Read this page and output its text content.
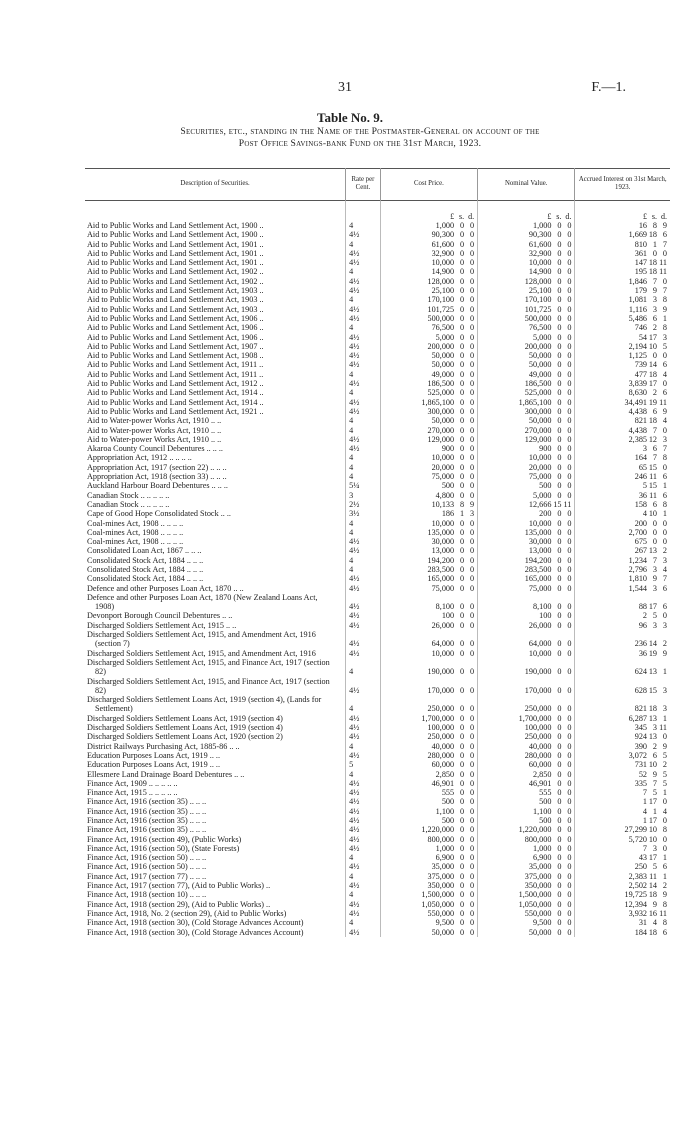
31	F.—1.
Table No. 9.
Securities, etc., standing in the Name of the Postmaster-General on account of the
Post Office Savings-bank Fund on the 31st March, 1923.
Description of Securities.	Rate per Cent.	Cost Price.	Nominal Value.	Accrued Interest on 31st March, 1923.
		£ s. d.	£ s. d.	£ s. d.

Aid to Public Works and Land Settlement Act, 1900 ..	4	1,000 0 0	1,000 0 0	16 8 9

Aid to Public Works and Land Settlement Act, 1900 ..	4½	90,300 0 0	90,300 0 0	1,669 18 6

Aid to Public Works and Land Settlement Act, 1901 ..	4	61,600 0 0	61,600 0 0	810 1 7

Aid to Public Works and Land Settlement Act, 1901 ..	4½	32,900 0 0	32,900 0 0	361 0 0

Aid to Public Works and Land Settlement Act, 1901 ..	4½	10,000 0 0	10,000 0 0	147 18 11

Aid to Public Works and Land Settlement Act, 1902 ..	4	14,900 0 0	14,900 0 0	195 18 11

Aid to Public Works and Land Settlement Act, 1902 ..	4½	128,000 0 0	128,000 0 0	1,846 7 0

Aid to Public Works and Land Settlement Act, 1903 ..	4½	25,100 0 0	25,100 0 0	179 9 7

Aid to Public Works and Land Settlement Act, 1903 ..	4	170,100 0 0	170,100 0 0	1,081 3 8

Aid to Public Works and Land Settlement Act, 1903 ..	4½	101,725 0 0	101,725 0 0	1,116 3 9

Aid to Public Works and Land Settlement Act, 1906 ..	4½	500,000 0 0	500,000 0 0	5,486 6 1

Aid to Public Works and Land Settlement Act, 1906 ..	4	76,500 0 0	76,500 0 0	746 2 8

Aid to Public Works and Land Settlement Act, 1906 ..	4½	5,000 0 0	5,000 0 0	54 17 3

Aid to Public Works and Land Settlement Act, 1907 ..	4½	200,000 0 0	200,000 0 0	2,194 10 5

Aid to Public Works and Land Settlement Act, 1908 ..	4½	50,000 0 0	50,000 0 0	1,125 0 0

Aid to Public Works and Land Settlement Act, 1911 ..	4½	50,000 0 0	50,000 0 0	739 14 6

Aid to Public Works and Land Settlement Act, 1911 ..	4	49,000 0 0	49,000 0 0	477 18 4

Aid to Public Works and Land Settlement Act, 1912 ..	4½	186,500 0 0	186,500 0 0	3,839 17 0

Aid to Public Works and Land Settlement Act, 1914 ..	4	525,000 0 0	525,000 0 0	8,630 2 6

Aid to Public Works and Land Settlement Act, 1914 ..	4½	1,865,100 0 0	1,865,100 0 0	34,491 19 11

Aid to Public Works and Land Settlement Act, 1921 ..	4½	300,000 0 0	300,000 0 0	4,438 6 9

Aid to Water-power Works Act, 1910 .. ..	4	50,000 0 0	50,000 0 0	821 18 4

Aid to Water-power Works Act, 1910 .. ..	4	270,000 0 0	270,000 0 0	4,438 7 0

Aid to Water-power Works Act, 1910 .. ..	4½	129,000 0 0	129,000 0 0	2,385 12 3

Akaroa County Council Debentures .. .. ..	4½	900 0 0	900 0 0	3 6 7

Appropriation Act, 1912 .. .. .. ..	4	10,000 0 0	10,000 0 0	164 7 8

Appropriation Act, 1917 (section 22) .. .. ..	4	20,000 0 0	20,000 0 0	65 15 0

Appropriation Act, 1918 (section 33) .. .. ..	4	75,000 0 0	75,000 0 0	246 11 6

Auckland Harbour Board Debentures .. .. ..	5¼	500 0 0	500 0 0	5 15 1

Canadian Stock .. .. .. .. ..	3	4,800 0 0	5,000 0 0	36 11 6

Canadian Stock .. .. .. .. ..	2½	10,133 8 9	12,666 15 11	158 6 8

Cape of Good Hope Consolidated Stock .. ..	3½	186 1 3	200 0 0	4 10 1

Coal-mines Act, 1908 .. .. .. ..	4	10,000 0 0	10,000 0 0	200 0 0

Coal-mines Act, 1908 .. .. .. ..	4	135,000 0 0	135,000 0 0	2,700 0 0

Coal-mines Act, 1908 .. .. .. ..	4½	30,000 0 0	30,000 0 0	675 0 0

Consolidated Loan Act, 1867 .. .. ..	4½	13,000 0 0	13,000 0 0	267 13 2

Consolidated Stock Act, 1884 .. .. ..	4	194,200 0 0	194,200 0 0	1,234 7 3

Consolidated Stock Act, 1884 .. .. ..	4	283,500 0 0	283,500 0 0	2,796 3 4

Consolidated Stock Act, 1884 .. .. ..	4½	165,000 0 0	165,000 0 0	1,810 9 7

Defence and other Purposes Loan Act, 1870 .. ..	4½	75,000 0 0	75,000 0 0	1,544 3 6

Defence and other Purposes Loan Act, 1870 (New Zealand Loans Act, 1908)	4½	8,100 0 0	8,100 0 0	88 17 6

Devonport Borough Council Debentures .. ..	4½	100 0 0	100 0 0	2 5 0

Discharged Soldiers Settlement Act, 1915 .. ..	4½	26,000 0 0	26,000 0 0	96 3 3

Discharged Soldiers Settlement Act, 1915, and Amendment Act, 1916 (section 7)	4½	64,000 0 0	64,000 0 0	236 14 2

Discharged Soldiers Settlement Act, 1915, and Amendment Act, 1916	4½	10,000 0 0	10,000 0 0	36 19 9

Discharged Soldiers Settlement Act, 1915, and Finance Act, 1917 (section 82)	4	190,000 0 0	190,000 0 0	624 13 1

Discharged Soldiers Settlement Act, 1915, and Finance Act, 1917 (section 82)	4½	170,000 0 0	170,000 0 0	628 15 3

Discharged Soldiers Settlement Loans Act, 1919 (section 4), (Lands for Settlement)	4	250,000 0 0	250,000 0 0	821 18 3

Discharged Soldiers Settlement Loans Act, 1919 (section 4)	4½	1,700,000 0 0	1,700,000 0 0	6,287 13 1

Discharged Soldiers Settlement Loans Act, 1919 (section 4)	4½	100,000 0 0	100,000 0 0	345 3 11

Discharged Soldiers Settlement Loans Act, 1920 (section 2)	4½	250,000 0 0	250,000 0 0	924 13 0

District Railways Purchasing Act, 1885-86 .. ..	4	40,000 0 0	40,000 0 0	390 2 9

Education Purposes Loans Act, 1919 .. ..	4½	280,000 0 0	280,000 0 0	3,072 6 5

Education Purposes Loans Act, 1919 .. ..	5	60,000 0 0	60,000 0 0	731 10 2

Ellesmere Land Drainage Board Debentures .. ..	4	2,850 0 0	2,850 0 0	52 9 5

Finance Act, 1909 .. .. .. .. ..	4½	46,901 0 0	46,901 0 0	335 7 5

Finance Act, 1915 .. .. .. .. ..	4½	555 0 0	555 0 0	7 5 1

Finance Act, 1916 (section 35) .. .. ..	4½	500 0 0	500 0 0	1 17 0

Finance Act, 1916 (section 35) .. .. ..	4½	1,100 0 0	1,100 0 0	4 1 4

Finance Act, 1916 (section 35) .. .. ..	4½	500 0 0	500 0 0	1 17 0

Finance Act, 1916 (section 35) .. .. ..	4½	1,220,000 0 0	1,220,000 0 0	27,299 10 8

Finance Act, 1916 (section 49), (Public Works)	4½	800,000 0 0	800,000 0 0	5,720 10 0

Finance Act, 1916 (section 50), (State Forests)	4½	1,000 0 0	1,000 0 0	7 3 0

Finance Act, 1916 (section 50) .. .. ..	4	6,900 0 0	6,900 0 0	43 17 1

Finance Act, 1916 (section 50) .. .. ..	4½	35,000 0 0	35,000 0 0	250 5 6

Finance Act, 1917 (section 77) .. .. ..	4	375,000 0 0	375,000 0 0	2,383 11 1

Finance Act, 1917 (section 77), (Aid to Public Works) ..	4½	350,000 0 0	350,000 0 0	2,502 14 2

Finance Act, 1918 (section 10) .. .. ..	4	1,500,000 0 0	1,500,000 0 0	19,725 18 9

Finance Act, 1918 (section 29), (Aid to Public Works) ..	4½	1,050,000 0 0	1,050,000 0 0	12,394 9 8

Finance Act, 1918, No. 2 (section 29), (Aid to Public Works)	4½	550,000 0 0	550,000 0 0	3,932 16 11

Finance Act, 1918 (section 30), (Cold Storage Advances Account)	4	9,500 0 0	9,500 0 0	31 4 8

Finance Act, 1918 (section 30), (Cold Storage Advances Account)	4½	50,000 0 0	50,000 0 0	184 18 6
